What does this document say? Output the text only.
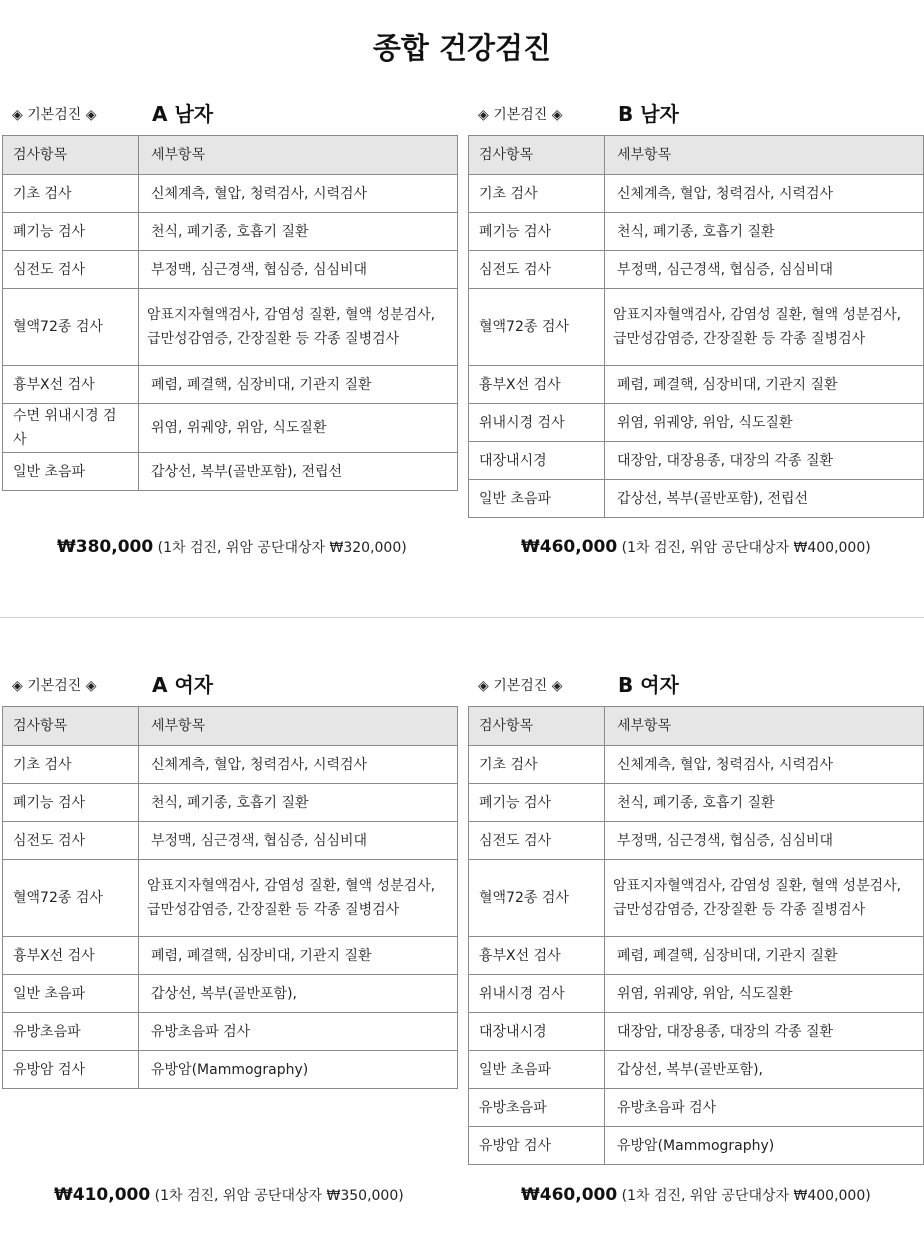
종합 건강검진
◈ 기본검진 ◈	A 남자
검사항목	세부항목
기초 검사	신체계측, 혈압, 청력검사, 시력검사
폐기능 검사	천식, 폐기종, 호흡기 질환
심전도 검사	부정맥, 심근경색, 협심증, 심심비대
혈액72종 검사	암표지자혈액검사, 감염성 질환, 혈액 성분검사,
급만성감염증, 간장질환 등 각종 질병검사
흉부X선 검사	폐렴, 폐결핵, 심장비대, 기관지 질환
수면 위내시경 검사	위염, 위궤양, 위암, 식도질환
일반 초음파	갑상선, 복부(골반포함), 전립선
◈ 기본검진 ◈	B 남자
검사항목	세부항목
기초 검사	신체계측, 혈압, 청력검사, 시력검사
폐기능 검사	천식, 폐기종, 호흡기 질환
심전도 검사	부정맥, 심근경색, 협심증, 심심비대
혈액72종 검사	암표지자혈액검사, 감염성 질환, 혈액 성분검사,
급만성감염증, 간장질환 등 각종 질병검사
흉부X선 검사	폐렴, 폐결핵, 심장비대, 기관지 질환
위내시경 검사	위염, 위궤양, 위암, 식도질환
대장내시경	대장암, 대장용종, 대장의 각종 질환
일반 초음파	갑상선, 복부(골반포함), 전립선
₩380,000 (1차 검진, 위암 공단대상자 ₩320,000)	₩460,000 (1차 검진, 위암 공단대상자 ₩400,000)
◈ 기본검진 ◈	A 여자
검사항목	세부항목
기초 검사	신체계측, 혈압, 청력검사, 시력검사
폐기능 검사	천식, 폐기종, 호흡기 질환
심전도 검사	부정맥, 심근경색, 협심증, 심심비대
혈액72종 검사	암표지자혈액검사, 감염성 질환, 혈액 성분검사,
급만성감염증, 간장질환 등 각종 질병검사
흉부X선 검사	폐렴, 폐결핵, 심장비대, 기관지 질환
일반 초음파	갑상선, 복부(골반포함),
유방초음파	유방초음파 검사
유방암 검사	유방암(Mammography)
◈ 기본검진 ◈	B 여자
검사항목	세부항목
기초 검사	신체계측, 혈압, 청력검사, 시력검사
폐기능 검사	천식, 폐기종, 호흡기 질환
심전도 검사	부정맥, 심근경색, 협심증, 심심비대
혈액72종 검사	암표지자혈액검사, 감염성 질환, 혈액 성분검사,
급만성감염증, 간장질환 등 각종 질병검사
흉부X선 검사	폐렴, 폐결핵, 심장비대, 기관지 질환
위내시경 검사	위염, 위궤양, 위암, 식도질환
대장내시경	대장암, 대장용종, 대장의 각종 질환
일반 초음파	갑상선, 복부(골반포함),
유방초음파	유방초음파 검사
유방암 검사	유방암(Mammography)
₩410,000 (1차 검진, 위암 공단대상자 ₩350,000)	₩460,000 (1차 검진, 위암 공단대상자 ₩400,000)
